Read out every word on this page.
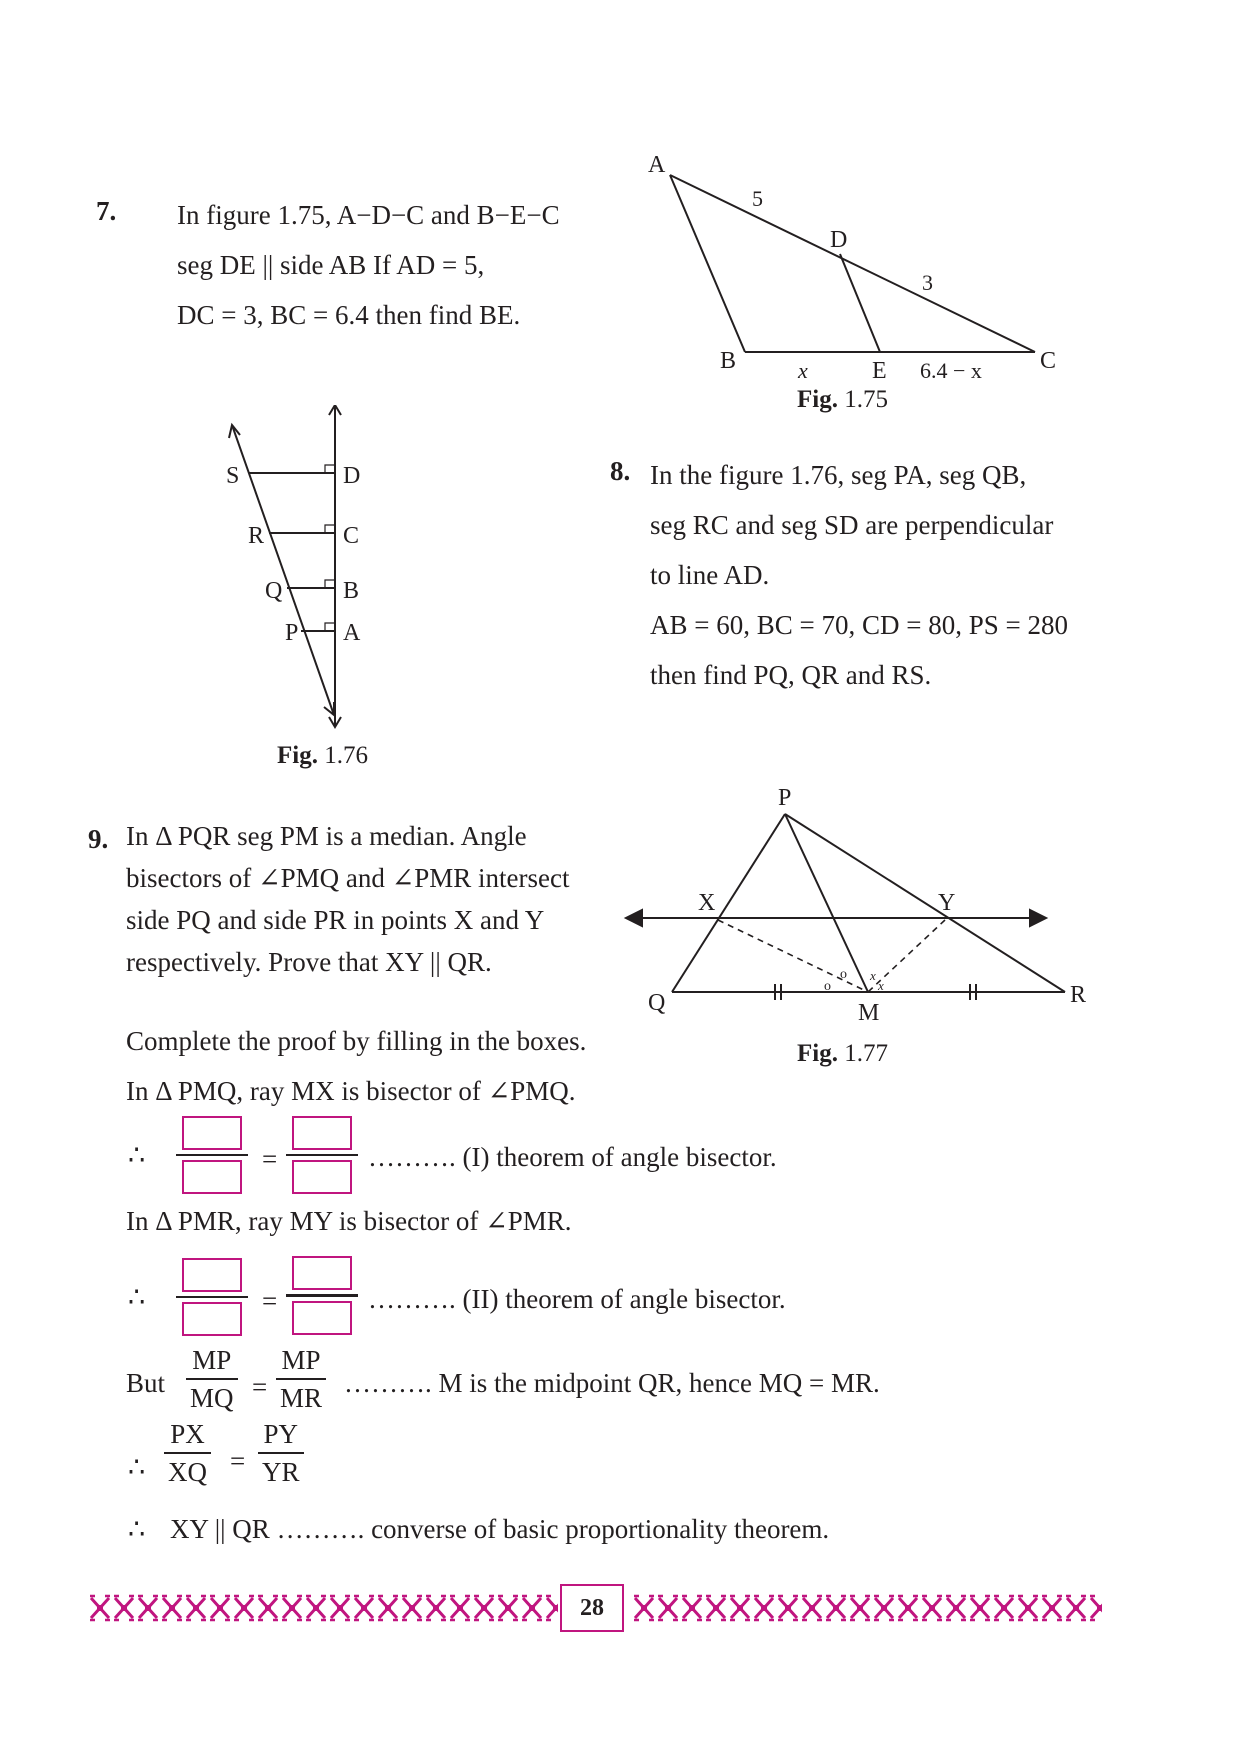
7. In figure 1.75, A−D−C and B−E−C
seg DE || side AB If AD = 5,
DC = 3, BC = 6.4 then find BE.
A
B	C
D
E
5
3
x	6.4 − x
Fig. 1.75
S
R
Q
P
D
C
B
A
Fig. 1.76
8. In the figure 1.76, seg PA, seg QB,
seg RC and seg SD are perpendicular
to line AD.
AB = 60, BC = 70, CD = 80, PS = 280
then find PQ, QR and RS.
9. In Δ PQR seg PM is a median. Angle
bisectors of ∠PMQ and ∠PMR intersect
side PQ and side PR in points X and Y
respectively. Prove that XY || QR.
P
Q	R
M
X	Y
o
o x
x
Fig. 1.77
Complete the proof by filling in the boxes.
In Δ PMQ, ray MX is bisector of ∠PMQ.
∴	=	………. (I) theorem of angle bisector.
In Δ PMR, ray MY is bisector of ∠PMR.
∴	=	………. (II) theorem of angle bisector.
But
MP
MQ =
MP
MR ………. M is the midpoint QR, hence MQ = MR.
∴
PX
XQ =
PY
YR
∴ XY || QR ………. converse of basic proportionality theorem.
28
